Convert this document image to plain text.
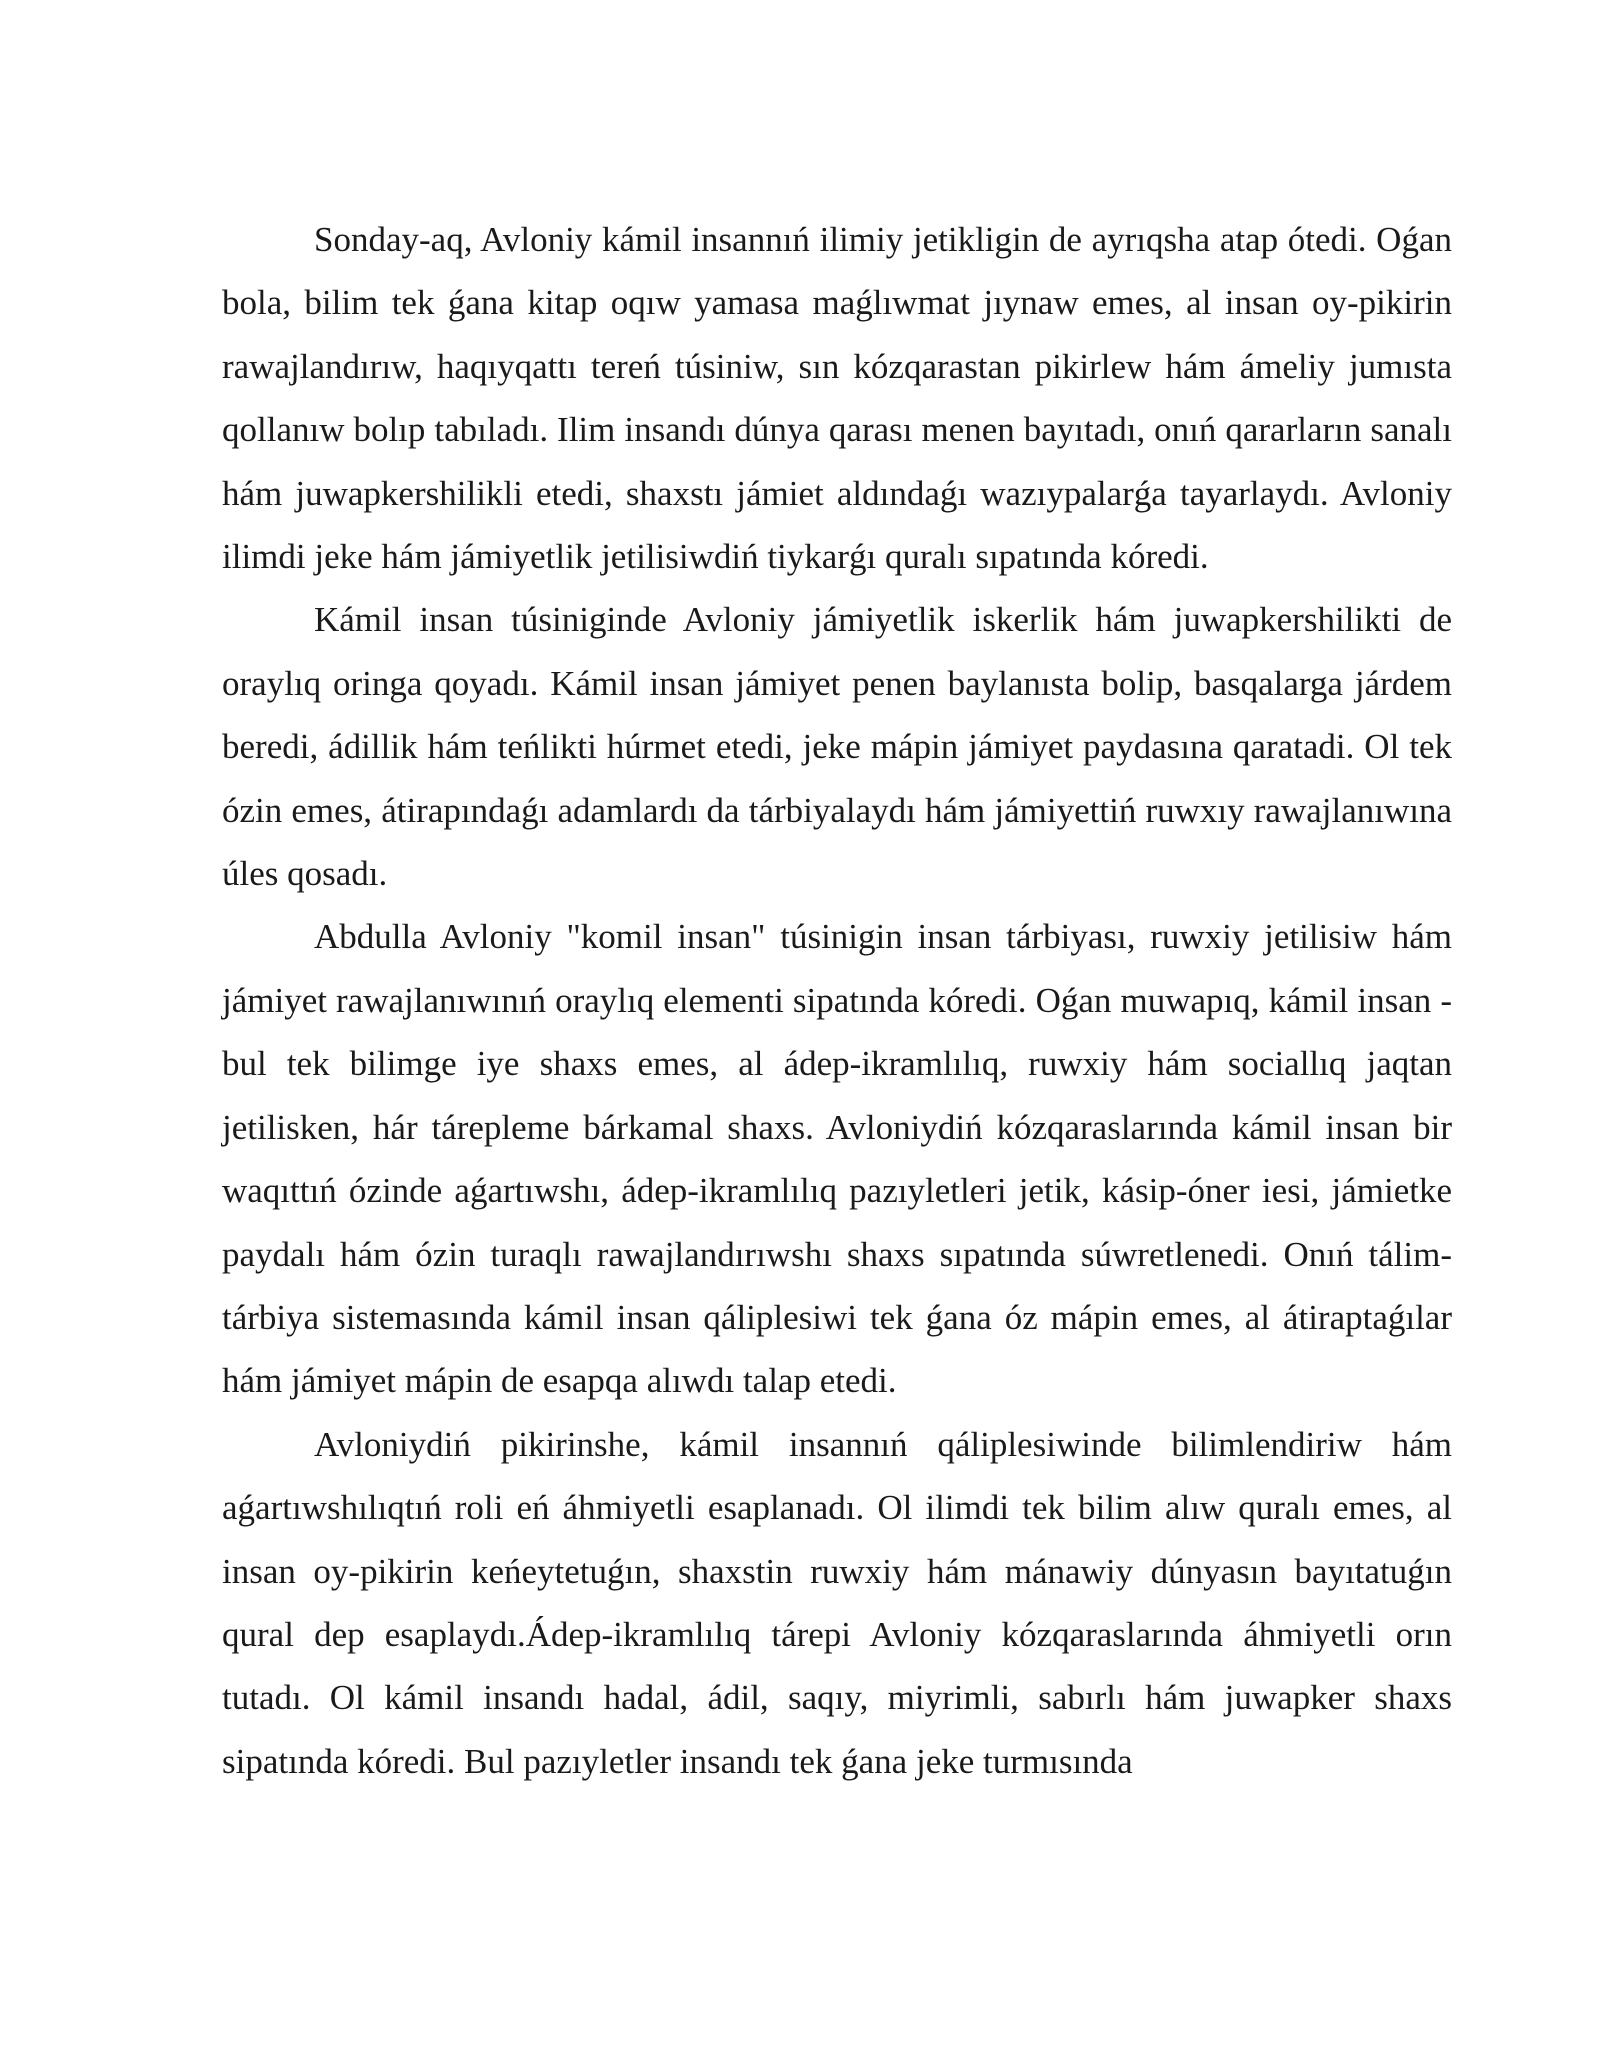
Sonday-aq, Avloniy kámil insannıń ilimiy jetikligin de ayrıqsha atap ótedi. Oǵan bola, bilim tek ǵana kitap oqıw yamasa maǵlıwmat jıynaw emes, al insan oy-pikirin rawajlandırıw, haqıyqattı tereń túsiniw, sın kózqarastan pikirlew hám ámeliy jumısta qollanıw bolıp tabıladı. Ilim insandı dúnya qarası menen bayıtadı, onıń qararların sanalı hám juwapkershilikli etedi, shaxstı jámiet aldındaǵı wazıypalarǵa tayarlaydı. Avloniy ilimdi jeke hám jámiyetlik jetilisiwdiń tiykarǵı quralı sıpatında kóredi.

Kámil insan túsiniginde Avloniy jámiyetlik iskerlik hám juwapkershilikti de oraylıq oringa qoyadı. Kámil insan jámiyet penen baylanısta bolip, basqalarga járdem beredi, ádillik hám teńlikti húrmet etedi, jeke mápin jámiyet paydasına qaratadi. Ol tek ózin emes, átirapındaǵı adamlardı da tárbiyalaydı hám jámiyettiń ruwxıy rawajlanıwına úles qosadı.

Abdulla Avloniy "komil insan" túsinigin insan tárbiyası, ruwxiy jetilisiw hám jámiyet rawajlanıwınıń oraylıq elementi sipatında kóredi. Oǵan muwapıq, kámil insan - bul tek bilimge iye shaxs emes, al ádep-ikramlılıq, ruwxiy hám sociallıq jaqtan jetilisken, hár tárepleme bárkamal shaxs. Avloniydiń kózqaraslarında kámil insan bir waqıttıń ózinde aǵartıwshı, ádep-ikramlılıq pazıyletleri jetik, kásip-óner iesi, jámietke paydalı hám ózin turaqlı rawajlandırıwshı shaxs sıpatında súwretlenedi. Onıń tálim-tárbiya sistemasında kámil insan qáliplesiwi tek ǵana óz mápin emes, al átiraptaǵılar hám jámiyet mápin de esapqa alıwdı talap etedi.

Avloniydiń pikirinshe, kámil insannıń qáliplesiwinde bilimlendiriw hám aǵartıwshılıqtıń roli eń áhmiyetli esaplanadı. Ol ilimdi tek bilim alıw quralı emes, al insan oy-pikirin keńeytetuǵın, shaxstin ruwxiy hám mánawiy dúnyasın bayıtatuǵın qural dep esaplaydı.Ádep-ikramlılıq tárepi Avloniy kózqaraslarında áhmiyetli orın tutadı. Ol kámil insandı hadal, ádil, saqıy, miyrimli, sabırlı hám juwapker shaxs sipatında kóredi. Bul pazıyletler insandı tek ǵana jeke turmısında
